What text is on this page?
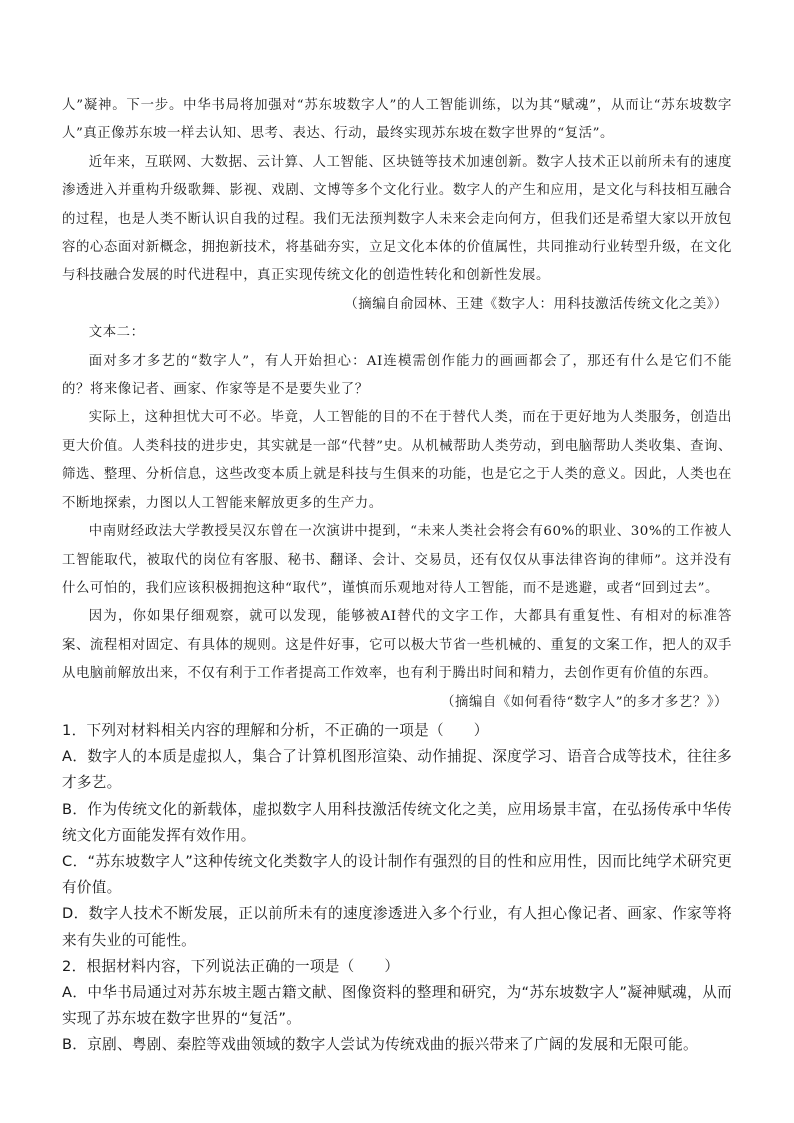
人”凝神。下一步。中华书局将加强对“苏东坡数字人”的人工智能训练，以为其“赋魂”，从而让“苏东坡数字人”真正像苏东坡一样去认知、思考、表达、行动，最终实现苏东坡在数字世界的“复活”。

近年来，互联网、大数据、云计算、人工智能、区块链等技术加速创新。数字人技术正以前所未有的速度渗透进入并重构升级歌舞、影视、戏剧、文博等多个文化行业。数字人的产生和应用，是文化与科技相互融合的过程，也是人类不断认识自我的过程。我们无法预判数字人未来会走向何方，但我们还是希望大家以开放包容的心态面对新概念，拥抱新技术，将基础夯实，立足文化本体的价值属性，共同推动行业转型升级，在文化与科技融合发展的时代进程中，真正实现传统文化的创造性转化和创新性发展。

（摘编自俞园林、王建《数字人：用科技激活传统文化之美》）

文本二：

面对多才多艺的“数字人”，有人开始担心：AI连模需创作能力的画画都会了，那还有什么是它们不能的？将来像记者、画家、作家等是不是要失业了？

实际上，这种担忧大可不必。毕竟，人工智能的目的不在于替代人类，而在于更好地为人类服务，创造出更大价值。人类科技的进步史，其实就是一部“代替”史。从机械帮助人类劳动，到电脑帮助人类收集、查询、筛选、整理、分析信息，这些改变本质上就是科技与生俱来的功能，也是它之于人类的意义。因此，人类也在不断地探索，力图以人工智能来解放更多的生产力。

中南财经政法大学教授吴汉东曾在一次演讲中提到，“未来人类社会将会有60%的职业、30%的工作被人工智能取代，被取代的岗位有客服、秘书、翻译、会计、交易员，还有仅仅从事法律咨询的律师”。这并没有什么可怕的，我们应该积极拥抱这种“取代”，谨慎而乐观地对待人工智能，而不是逃避，或者“回到过去”。

因为，你如果仔细观察，就可以发现，能够被AI替代的文字工作，大都具有重复性、有相对的标准答案、流程相对固定、有具体的规则。这是件好事，它可以极大节省一些机械的、重复的文案工作，把人的双手从电脑前解放出来，不仅有利于工作者提高工作效率，也有利于腾出时间和精力，去创作更有价值的东西。

（摘编自《如何看待“数字人”的多才多艺？》）

1．下列对材料相关内容的理解和分析，不正确的一项是（　　）

A．数字人的本质是虚拟人，集合了计算机图形渲染、动作捕捉、深度学习、语音合成等技术，往往多才多艺。

B．作为传统文化的新载体，虚拟数字人用科技激活传统文化之美，应用场景丰富，在弘扬传承中华传统文化方面能发挥有效作用。

C．“苏东坡数字人”这种传统文化类数字人的设计制作有强烈的目的性和应用性，因而比纯学术研究更有价值。

D．数字人技术不断发展，正以前所未有的速度渗透进入多个行业，有人担心像记者、画家、作家等将来有失业的可能性。

2．根据材料内容，下列说法正确的一项是（　　）

A．中华书局通过对苏东坡主题古籍文献、图像资料的整理和研究，为“苏东坡数字人”凝神赋魂，从而实现了苏东坡在数字世界的“复活”。

B．京剧、粤剧、秦腔等戏曲领域的数字人尝试为传统戏曲的振兴带来了广阔的发展和无限可能。
